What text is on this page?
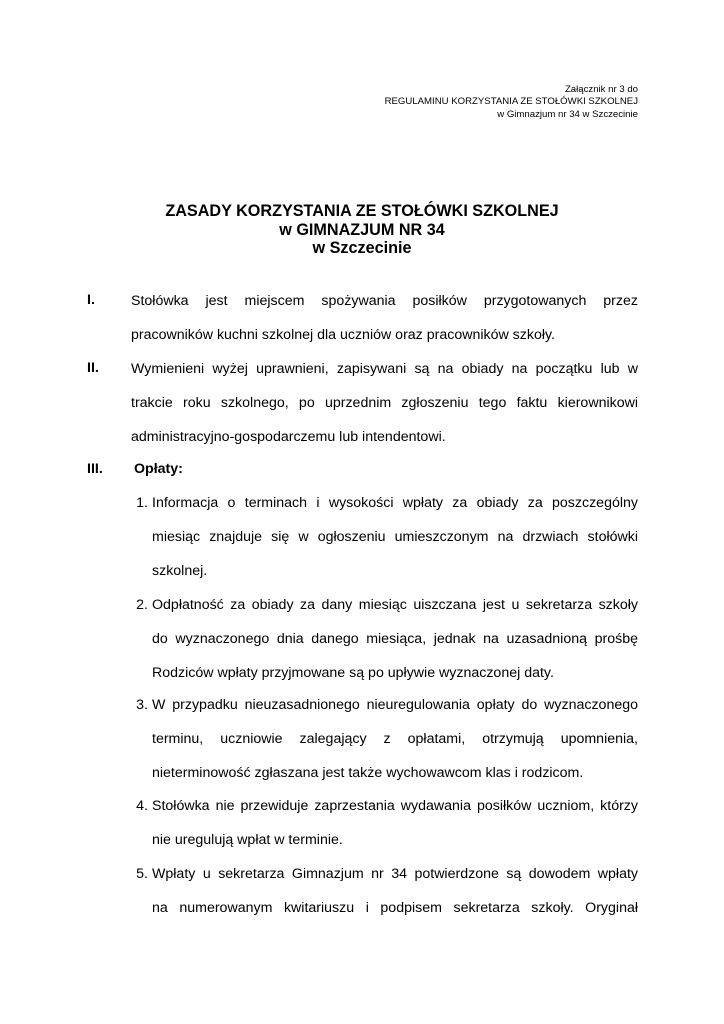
Załącznik nr 3 do
REGULAMINU KORZYSTANIA ZE STOŁÓWKI SZKOLNEJ
w Gimnazjum nr 34 w Szczecinie
ZASADY KORZYSTANIA ZE STOŁÓWKI SZKOLNEJ
w GIMNAZJUM NR 34
w Szczecinie
I.	Stołówka jest miejscem spożywania posiłków przygotowanych przez
pracowników kuchni szkolnej dla uczniów oraz pracowników szkoły.
II. Wymienieni wyżej uprawnieni, zapisywani są na obiady na początku lub w
trakcie roku szkolnego, po uprzednim zgłoszeniu tego faktu kierownikowi
administracyjno-gospodarczemu lub intendentowi.
III. Opłaty:
1. Informacja o terminach i wysokości wpłaty za obiady za poszczególny
miesiąc znajduje się w ogłoszeniu umieszczonym na drzwiach stołówki
szkolnej.
2. Odpłatność za obiady za dany miesiąc uiszczana jest u sekretarza szkoły
do wyznaczonego dnia danego miesiąca, jednak na uzasadnioną prośbę
Rodziców wpłaty przyjmowane są po upływie wyznaczonej daty.
3. W przypadku nieuzasadnionego nieuregulowania opłaty do wyznaczonego
terminu, uczniowie zalegający z opłatami, otrzymują upomnienia,
nieterminowość zgłaszana jest także wychowawcom klas i rodzicom.
4. Stołówka nie przewiduje zaprzestania wydawania posiłków uczniom, którzy
nie uregulują wpłat w terminie.
5. Wpłaty u sekretarza Gimnazjum nr 34 potwierdzone są dowodem wpłaty
na numerowanym kwitariuszu i podpisem sekretarza szkoły. Oryginał
